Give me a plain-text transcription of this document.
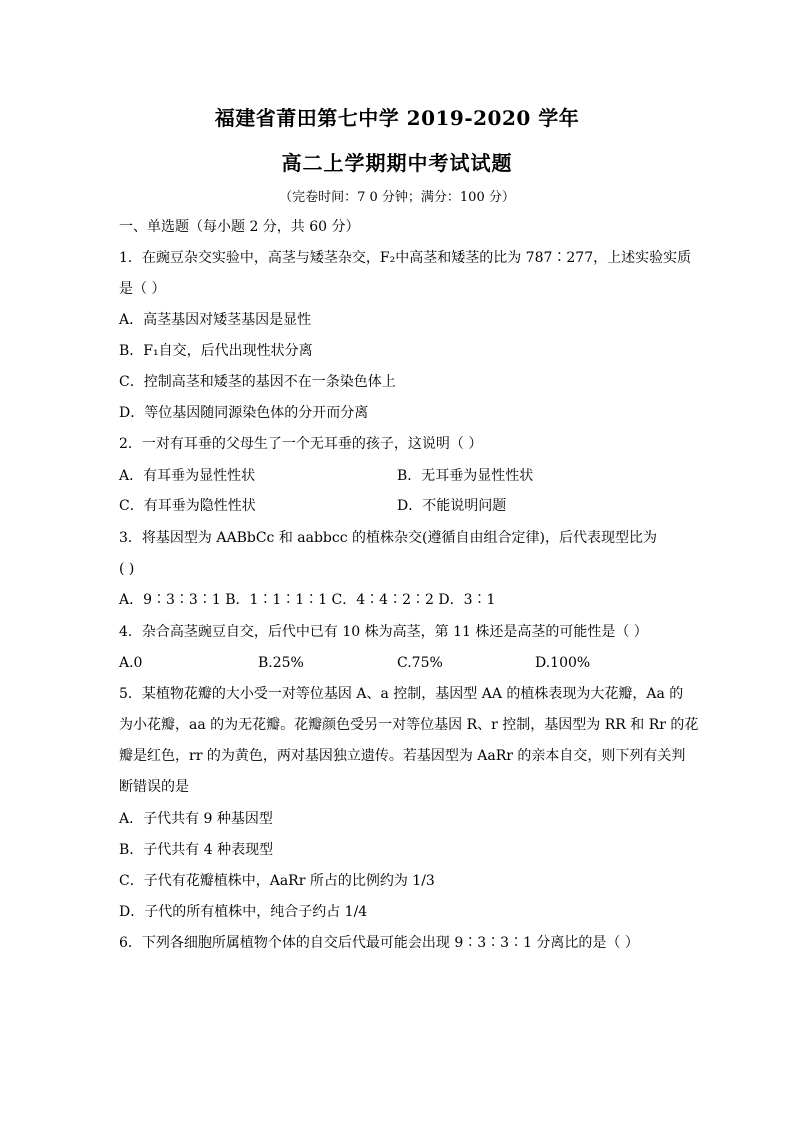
福建省莆田第七中学 2019-2020 学年
高二上学期期中考试试题
（完卷时间：7 0 分钟；满分：100 分）
一、单选题（每小题 2 分，共 60 分）
1．在豌豆杂交实验中，高茎与矮茎杂交，F₂中高茎和矮茎的比为 787∶277，上述实验实质
是（ ）
A．高茎基因对矮茎基因是显性
B．F₁自交，后代出现性状分离
C．控制高茎和矮茎的基因不在一条染色体上
D．等位基因随同源染色体的分开而分离
2．一对有耳垂的父母生了一个无耳垂的孩子，这说明（ ）
A．有耳垂为显性性状	B．无耳垂为显性性状
C．有耳垂为隐性性状	D．不能说明问题
3．将基因型为 AABbCc 和 aabbcc 的植株杂交(遵循自由组合定律)，后代表现型比为
( )
A．9∶3∶3∶1 B．1∶1∶1∶1 C．4∶4∶2∶2 D．3∶1
4．杂合高茎豌豆自交，后代中已有 10 株为高茎，第 11 株还是高茎的可能性是（ ）
A.0	B.25%	C.75%	D.100%
5．某植物花瓣的大小受一对等位基因 A、a 控制，基因型 AA 的植株表现为大花瓣，Aa 的
为小花瓣，aa 的为无花瓣。花瓣颜色受另一对等位基因 R、r 控制，基因型为 RR 和 Rr 的花
瓣是红色，rr 的为黄色，两对基因独立遗传。若基因型为 AaRr 的亲本自交，则下列有关判
断错误的是
A．子代共有 9 种基因型
B．子代共有 4 种表现型
C．子代有花瓣植株中，AaRr 所占的比例约为 1/3
D．子代的所有植株中，纯合子约占 1/4
6．下列各细胞所属植物个体的自交后代最可能会出现 9∶3∶3∶1 分离比的是（ ）
